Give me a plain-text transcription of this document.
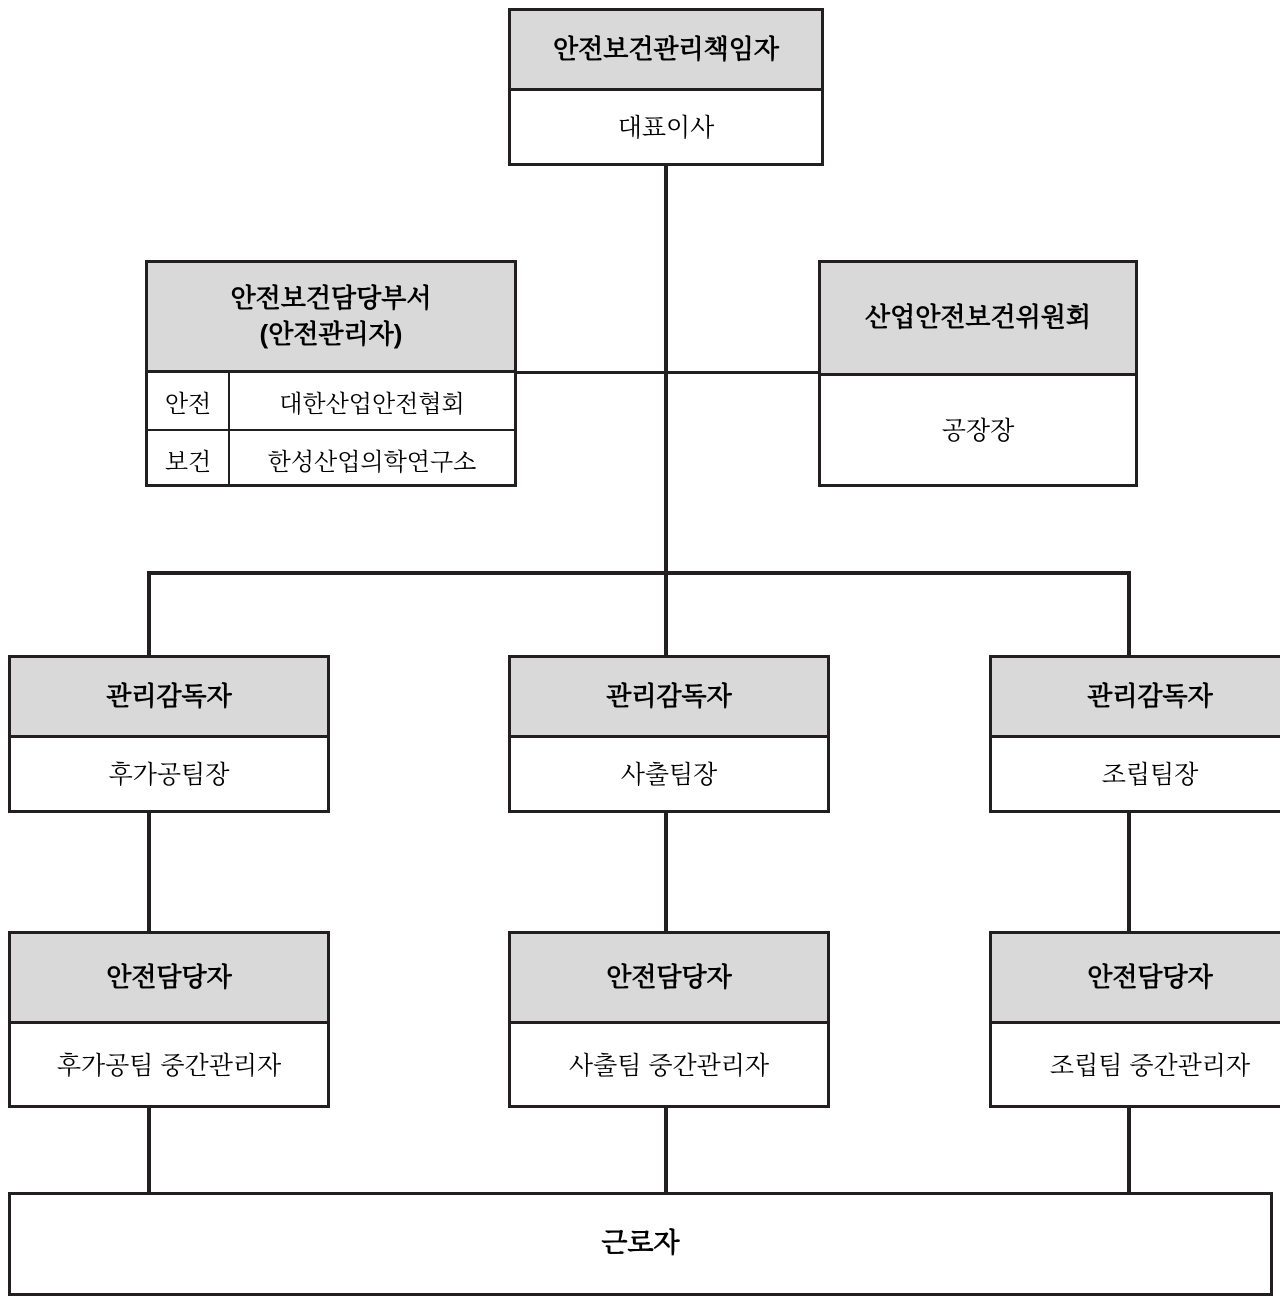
안전보건관리책임자
대표이사
안전보건담당부서
(안전관리자)
안전	대한산업안전협회
보건	한성산업의학연구소
산업안전보건위원회
공장장
관리감독자
후가공팀장
관리감독자
사출팀장
관리감독자
조립팀장
안전담당자
후가공팀 중간관리자
안전담당자
사출팀 중간관리자
안전담당자
조립팀 중간관리자
근로자
